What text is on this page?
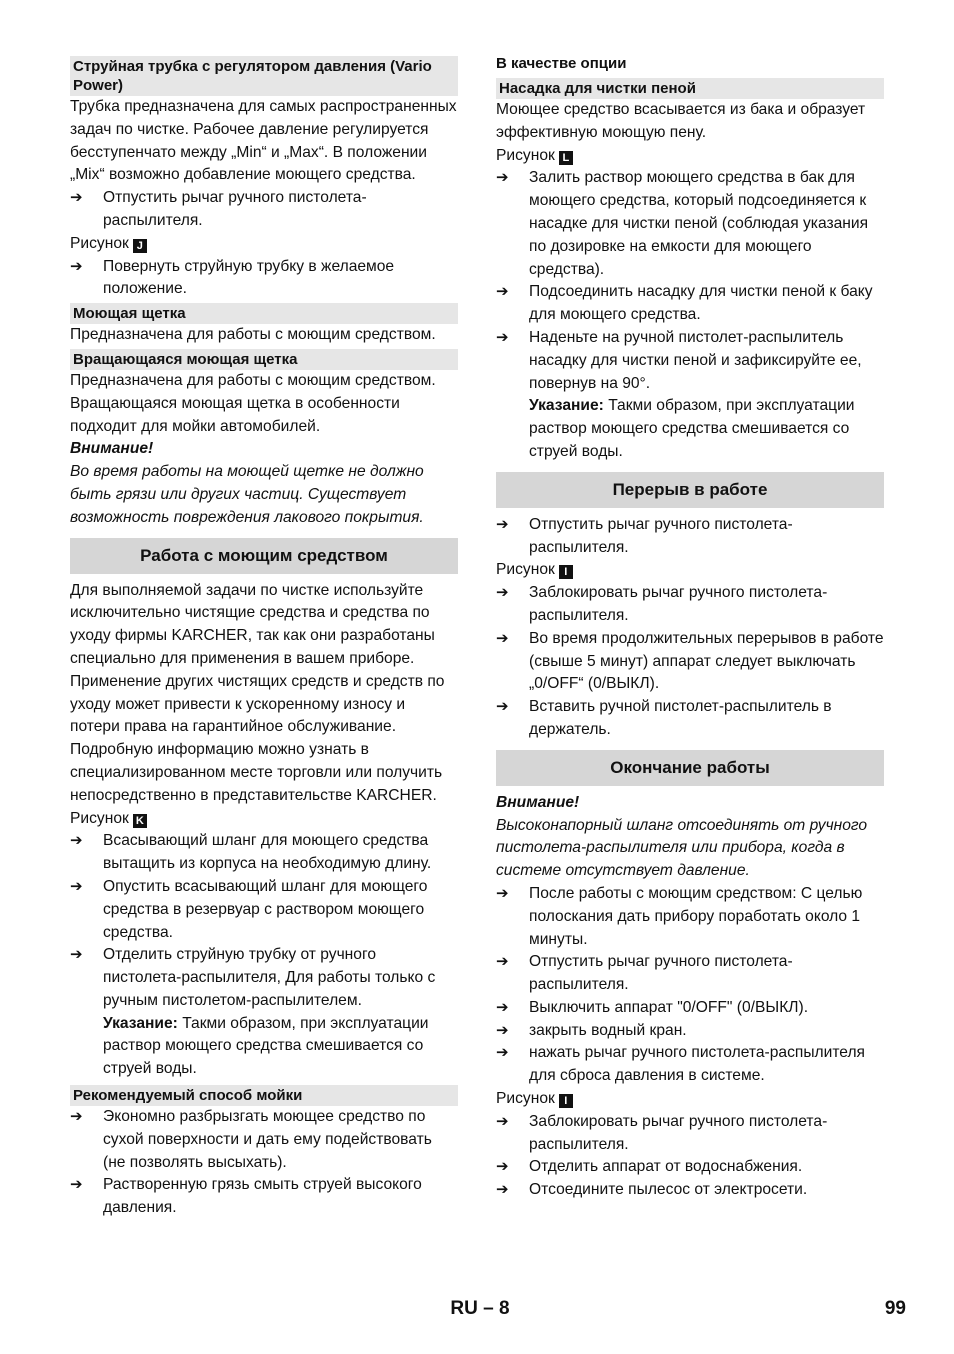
Струйная трубка с регулятором давления (Vario Power)

Трубка предназначена для самых распространенных задач по чистке. Рабочее давление регулируется бесступенчато между „Min“ и „Max“. В положении „Mix“ возможно добавление моющего средства.

➔	Отпустить рычаг ручного пистолета-распылителя.

Рисунок J

➔	Повернуть струйную трубку в желаемое положение.
Моющая щетка

Предназначена для работы с моющим средством.

Вращающаяся моющая щетка

Предназначена для работы с моющим средством. Вращающаяся моющая щетка в особенности подходит для мойки автомобилей.

Внимание!

Во время работы на моющей щетке не должно быть грязи или других частиц. Существует возможность повреждения лакового покрытия.

Работа с моющим средством

Для выполняемой задачи по чистке используйте исключительно чистящие средства и средства по уходу фирмы KARCHER, так как они разработаны специально для применения в вашем приборе. Применение других чистящих средств и средств по уходу может привести к ускоренному износу и потери права на гарантийное обслуживание. Подробную информацию можно узнать в специализированном месте торговли или получить непосредственно в представительстве KARCHER.

Рисунок K

➔	Всасывающий шланг для моющего средства вытащить из корпуса на необходимую длину.
➔	Опустить всасывающий шланг для моющего средства в резервуар с раствором моющего средства.
➔	Отделить струйную трубку от ручного пистолета-распылителя, Для работы только с ручным пистолетом-распылителем.

Указание: Такми образом, при эксплуатации раствор моющего средства смешивается со струей воды.

Рекомендуемый способ мойки
➔	Экономно разбрызгать моющее средство по сухой поверхности и дать ему подействовать (не позволять высыхать).
➔	Растворенную грязь смыть струей высокого давления.

В качестве опции

Насадка для чистки пеной

Моющее средство всасывается из бака и образует эффективную моющую пену.

Рисунок L

➔	Залить раствор моющего средства в бак для моющего средства, который подсоединяется к насадке для чистки пеной (соблюдая указания по дозировке на емкости для моющего средства).
➔	Подсоединить насадку для чистки пеной к баку для моющего средства.
➔	Наденьте на ручной пистолет-распылитель насадку для чистки пеной и зафиксируйте ее, повернув на 90°.

Указание: Такми образом, при эксплуатации раствор моющего средства смешивается со струей воды.

Перерыв в работе
➔	Отпустить рычаг ручного пистолета-распылителя.

Рисунок I

➔	Заблокировать рычаг ручного пистолета-распылителя.
➔	Во время продолжительных перерывов в работе (свыше 5 минут) аппарат следует выключать „0/OFF“ (0/ВЫКЛ).
➔	Вставить ручной пистолет-распылитель в держатель.
Окончание работы

Внимание!

Высоконапорный шланг отсоединять от ручного пистолета-распылителя или прибора, когда в системе отсутствует давление.

➔	После работы с моющим средством: С целью полоскания дать прибору поработать около 1 минуты.
➔	Отпустить рычаг ручного пистолета-распылителя.
➔	Выключить аппарат "0/OFF" (0/ВЫКЛ).
➔	закрыть водный кран.
➔	нажать рычаг ручного пистолета-распылителя для сброса давления в системе.

Рисунок I

➔	Заблокировать рычаг ручного пистолета-распылителя.
➔	Отделить аппарат от водоснабжения.
➔	Отсоедините пылесос от электросети.
RU – 8	99
